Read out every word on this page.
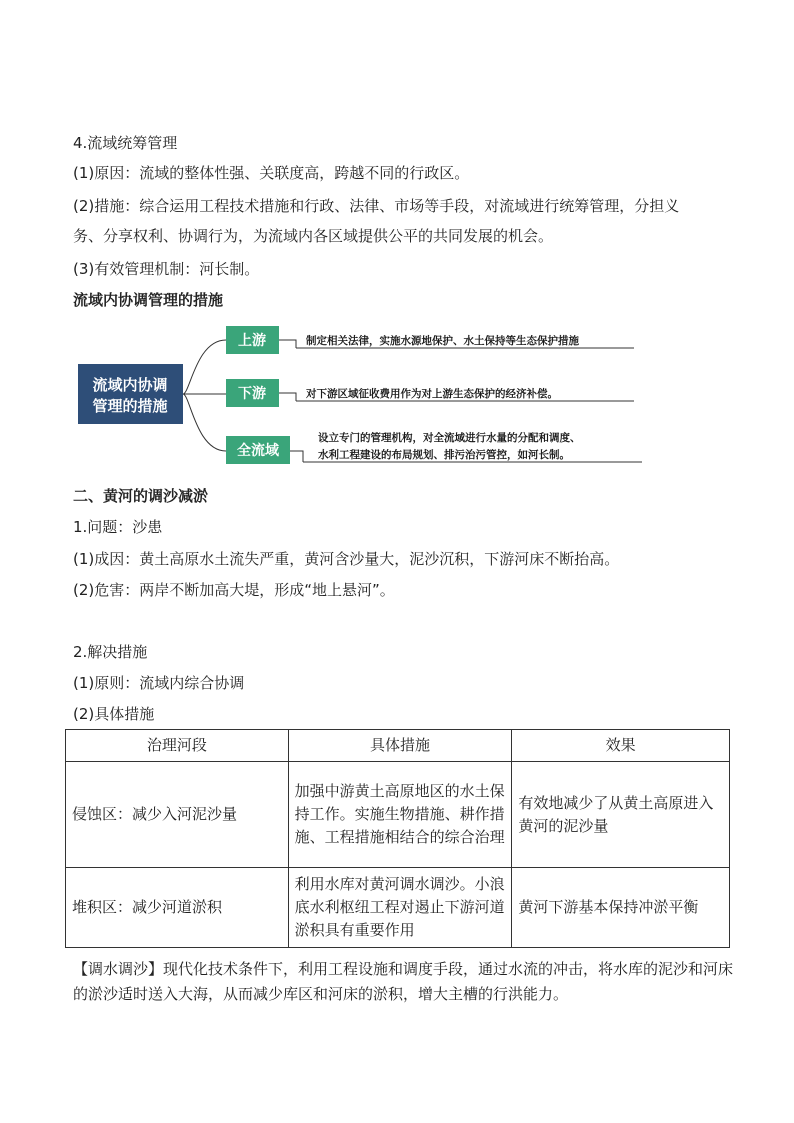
4.流域统筹管理
(1)原因：流域的整体性强、关联度高，跨越不同的行政区。
(2)措施：综合运用工程技术措施和行政、法律、市场等手段，对流域进行统筹管理，分担义
务、分享权利、协调行为，为流域内各区域提供公平的共同发展的机会。
(3)有效管理机制：河长制。
流域内协调管理的措施
流域内协调
管理的措施
上游	制定相关法律，实施水源地保护、水土保持等生态保护措施
下游	对下游区域征收费用作为对上游生态保护的经济补偿。
全流域
设立专门的管理机构，对全流域进行水量的分配和调度、
水利工程建设的布局规划、排污治污管控，如河长制。
二、黄河的调沙减淤
1.问题：沙患
(1)成因：黄土高原水土流失严重，黄河含沙量大，泥沙沉积，下游河床不断抬高。
(2)危害：两岸不断加高大堤，形成“地上悬河”。
2.解决措施
(1)原则：流域内综合协调
(2)具体措施
治理河段	具体措施	效果
侵蚀区：减少入河泥沙量	加强中游黄土高原地区的水土保持工作。实施生物措施、耕作措施、工程措施相结合的综合治理	有效地减少了从黄土高原进入黄河的泥沙量
堆积区：减少河道淤积	利用水库对黄河调水调沙。小浪底水利枢纽工程对遏止下游河道淤积具有重要作用	黄河下游基本保持冲淤平衡
【调水调沙】现代化技术条件下，利用工程设施和调度手段，通过水流的冲击，将水库的泥沙和河床的淤沙适时送入大海，从而减少库区和河床的淤积，增大主槽的行洪能力。
